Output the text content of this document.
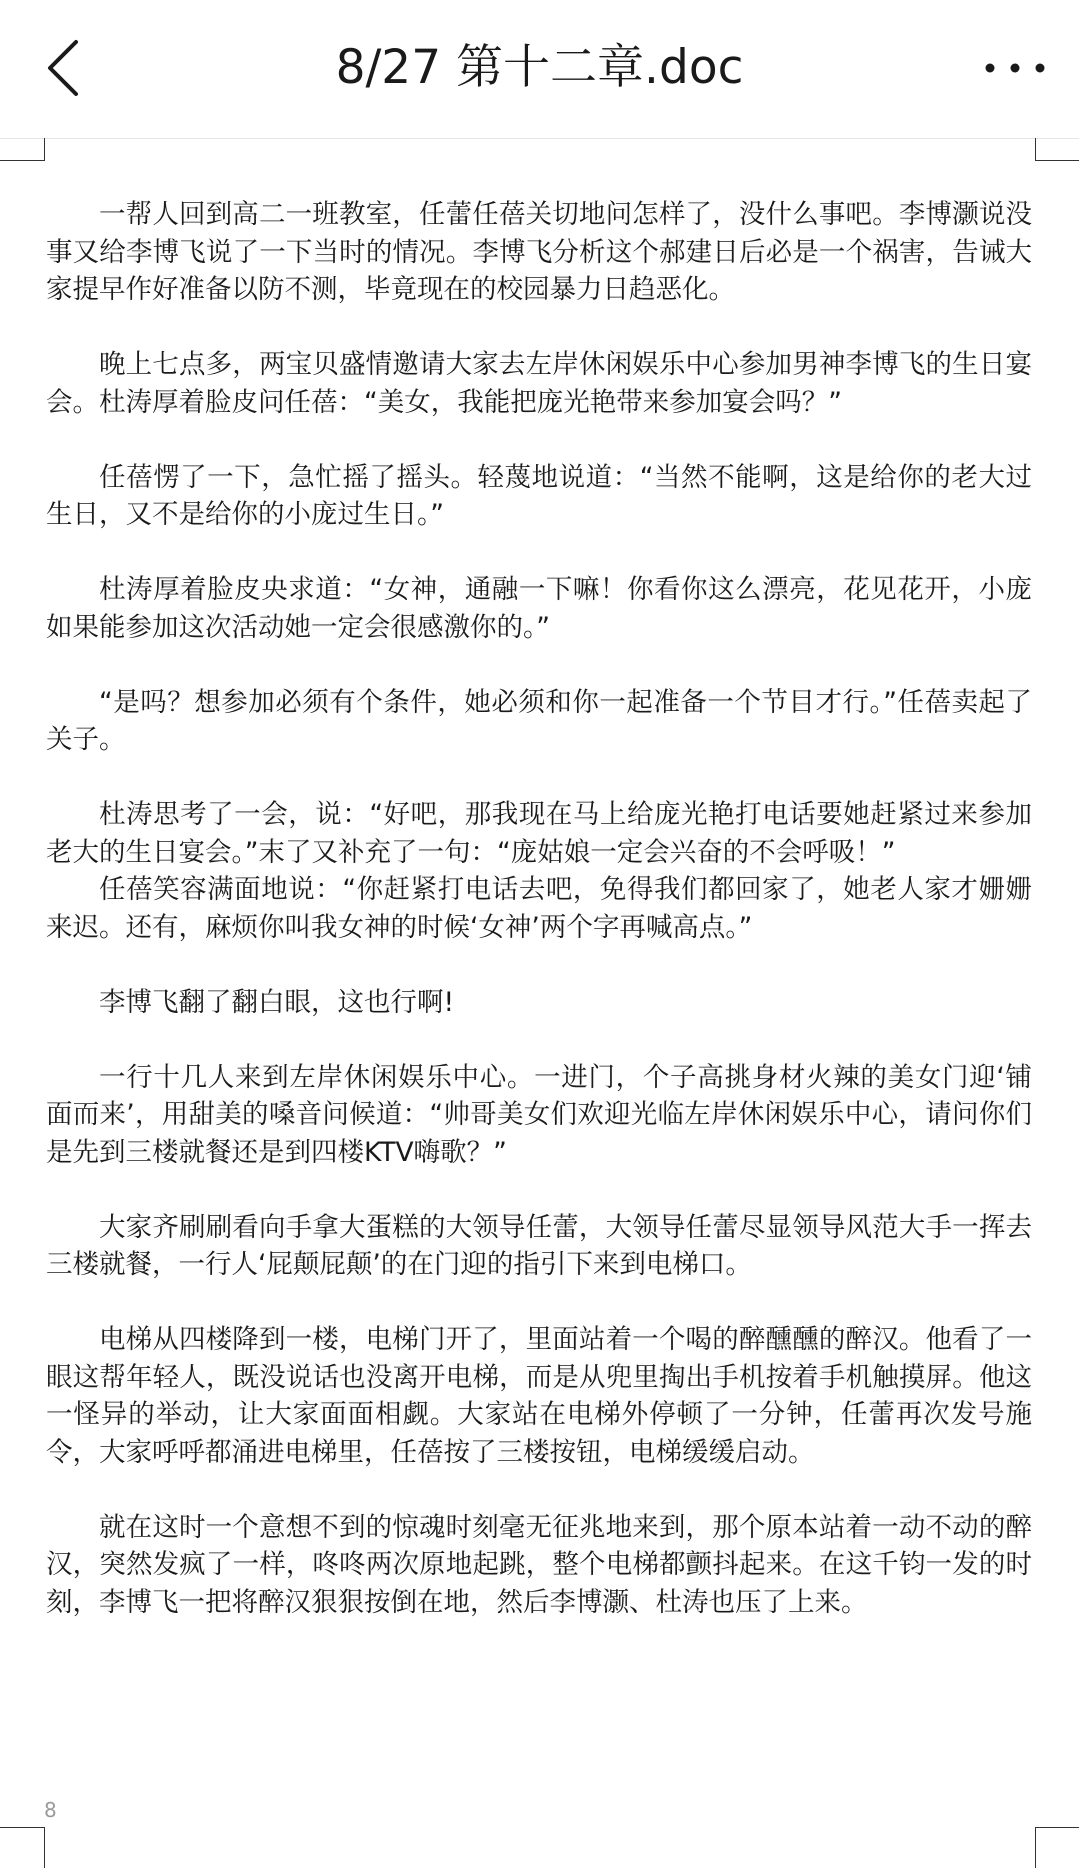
8/27 第十二章.doc

一帮人回到高二一班教室，任蕾任蓓关切地问怎样了，没什么事吧。李博灏说没事又给李博飞说了一下当时的情况。李博飞分析这个郝建日后必是一个祸害，告诫大家提早作好准备以防不测，毕竟现在的校园暴力日趋恶化。

晚上七点多，两宝贝盛情邀请大家去左岸休闲娱乐中心参加男神李博飞的生日宴会。杜涛厚着脸皮问任蓓：“美女，我能把庞光艳带来参加宴会吗？”

任蓓愣了一下，急忙摇了摇头。轻蔑地说道：“当然不能啊，这是给你的老大过生日，又不是给你的小庞过生日。”

杜涛厚着脸皮央求道：“女神，通融一下嘛！你看你这么漂亮，花见花开，小庞如果能参加这次活动她一定会很感激你的。”

“是吗？想参加必须有个条件，她必须和你一起准备一个节目才行。”任蓓卖起了关子。

杜涛思考了一会，说：“好吧，那我现在马上给庞光艳打电话要她赶紧过来参加老大的生日宴会。”末了又补充了一句：“庞姑娘一定会兴奋的不会呼吸！”

任蓓笑容满面地说：“你赶紧打电话去吧，免得我们都回家了，她老人家才姗姗来迟。还有，麻烦你叫我女神的时候‘女神’两个字再喊高点。”

李博飞翻了翻白眼，这也行啊!

一行十几人来到左岸休闲娱乐中心。一进门，个子高挑身材火辣的美女门迎‘铺面而来’，用甜美的嗓音问候道：“帅哥美女们欢迎光临左岸休闲娱乐中心，请问你们是先到三楼就餐还是到四楼KTV嗨歌？”

大家齐刷刷看向手拿大蛋糕的大领导任蕾，大领导任蕾尽显领导风范大手一挥去三楼就餐，一行人‘屁颠屁颠’的在门迎的指引下来到电梯口。

电梯从四楼降到一楼，电梯门开了，里面站着一个喝的醉醺醺的醉汉。他看了一眼这帮年轻人，既没说话也没离开电梯，而是从兜里掏出手机按着手机触摸屏。他这一怪异的举动，让大家面面相觑。大家站在电梯外停顿了一分钟，任蕾再次发号施令，大家呼呼都涌进电梯里，任蓓按了三楼按钮，电梯缓缓启动。

就在这时一个意想不到的惊魂时刻毫无征兆地来到，那个原本站着一动不动的醉汉，突然发疯了一样，咚咚两次原地起跳，整个电梯都颤抖起来。在这千钧一发的时刻，李博飞一把将醉汉狠狠按倒在地，然后李博灏、杜涛也压了上来。

8
